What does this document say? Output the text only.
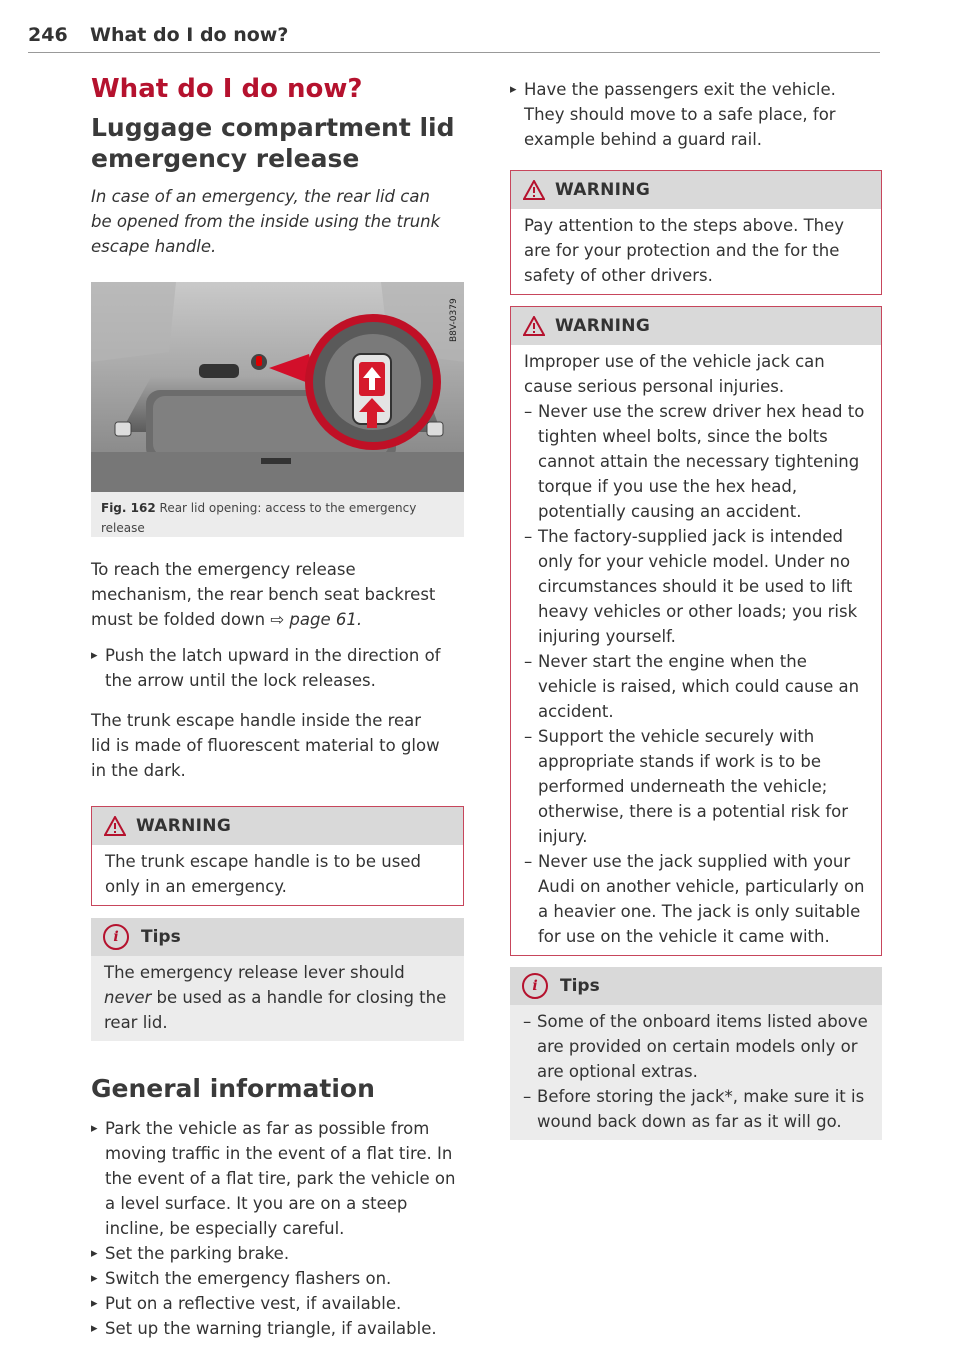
246 What do I do now?
What do I do now?
Luggage compartment lid emergency release

In case of an emergency, the rear lid can be opened from the inside using the trunk escape handle.

B8V-0379
Fig. 162 Rear lid opening: access to the emergency release

To reach the emergency release mechanism, the rear bench seat backrest must be folded down ⇨ page 61.

▸ Push the latch upward in the direction of the arrow until the lock releases.

The trunk escape handle inside the rear lid is made of fluorescent material to glow in the dark.

WARNING

The trunk escape handle is to be used only in an emergency.

i	Tips

The emergency release lever should never be used as a handle for closing the rear lid.

General information

▸ Park the vehicle as far as possible from moving traffic in the event of a flat tire. In the event of a flat tire, park the vehicle on a level surface. It you are on a steep incline, be especially careful.

▸ Set the parking brake.

▸ Switch the emergency flashers on.

▸ Put on a reflective vest, if available.

▸ Set up the warning triangle, if available.

▸ Have the passengers exit the vehicle. They should move to a safe place, for example behind a guard rail.

WARNING

Pay attention to the steps above. They are for your protection and the for the safety of other drivers.

WARNING

Improper use of the vehicle jack can cause serious personal injuries.

– Never use the screw driver hex head to tighten wheel bolts, since the bolts cannot attain the necessary tightening torque if you use the hex head, potentially causing an accident.

– The factory-supplied jack is intended only for your vehicle model. Under no circumstances should it be used to lift heavy vehicles or other loads; you risk injuring yourself.

– Never start the engine when the vehicle is raised, which could cause an accident.

– Support the vehicle securely with appropriate stands if work is to be performed underneath the vehicle; otherwise, there is a potential risk for injury.

– Never use the jack supplied with your Audi on another vehicle, particularly on a heavier one. The jack is only suitable for use on the vehicle it came with.

i	Tips

– Some of the onboard items listed above are provided on certain models only or are optional extras.

– Before storing the jack*, make sure it is wound back down as far as it will go.
